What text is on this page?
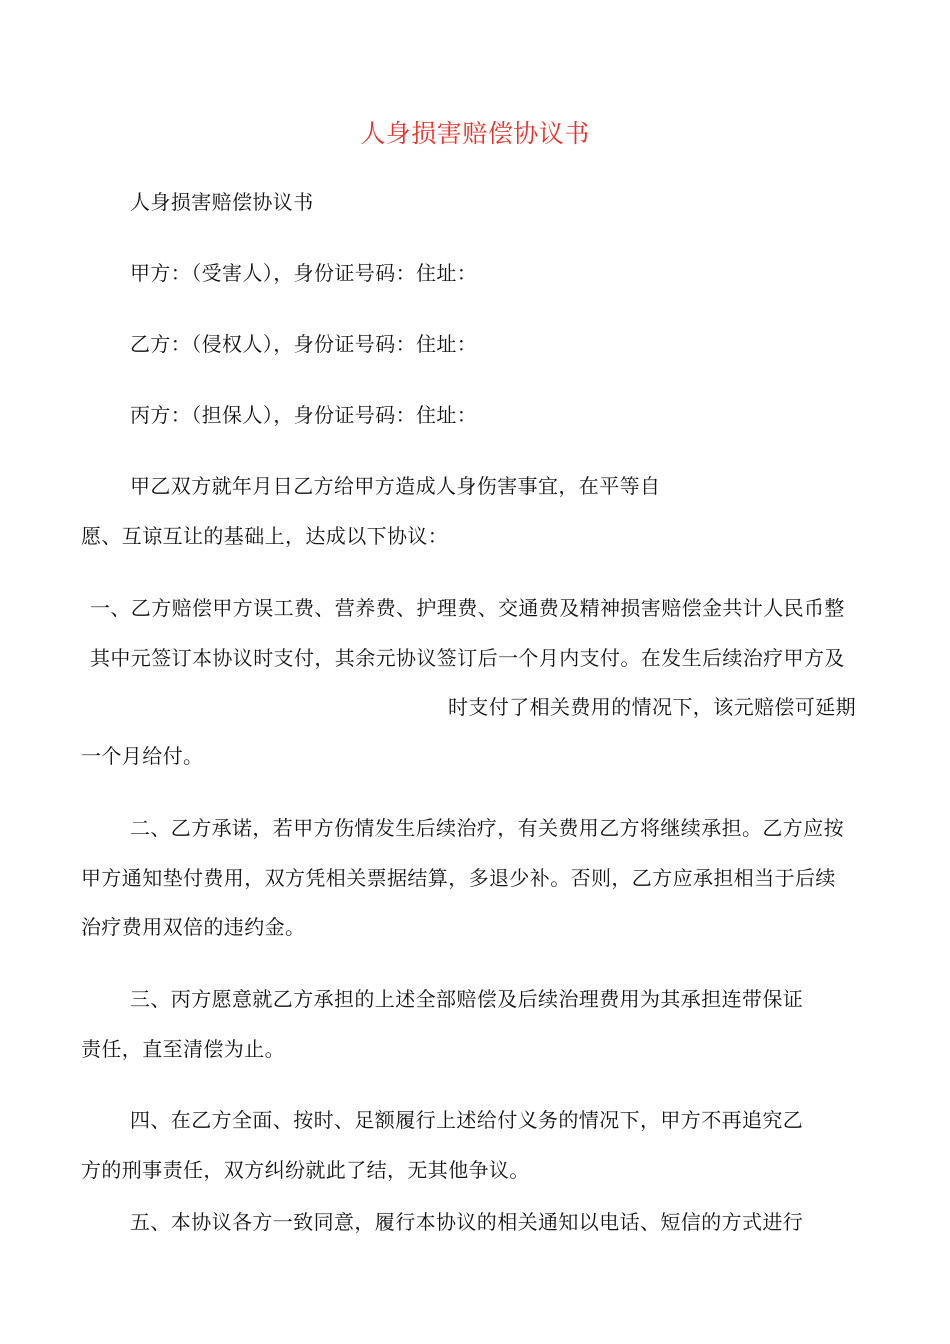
人身损害赔偿协议书
人身损害赔偿协议书
甲方：（受害人），身份证号码：住址：
乙方：（侵权人），身份证号码：住址：
丙方：（担保人），身份证号码：住址：
甲乙双方就年月日乙方给甲方造成人身伤害事宜，在平等自
愿、互谅互让的基础上，达成以下协议：
一、乙方赔偿甲方误工费、营养费、护理费、交通费及精神损害赔偿金共计人民币整
其中元签订本协议时支付，其余元协议签订后一个月内支付。在发生后续治疗甲方及
时支付了相关费用的情况下，该元赔偿可延期
一个月给付。
二、乙方承诺，若甲方伤情发生后续治疗，有关费用乙方将继续承担。乙方应按
甲方通知垫付费用，双方凭相关票据结算，多退少补。否则，乙方应承担相当于后续
治疗费用双倍的违约金。
三、丙方愿意就乙方承担的上述全部赔偿及后续治理费用为其承担连带保证
责任，直至清偿为止。
四、在乙方全面、按时、足额履行上述给付义务的情况下，甲方不再追究乙
方的刑事责任，双方纠纷就此了结，无其他争议。
五、本协议各方一致同意，履行本协议的相关通知以电话、短信的方式进行
